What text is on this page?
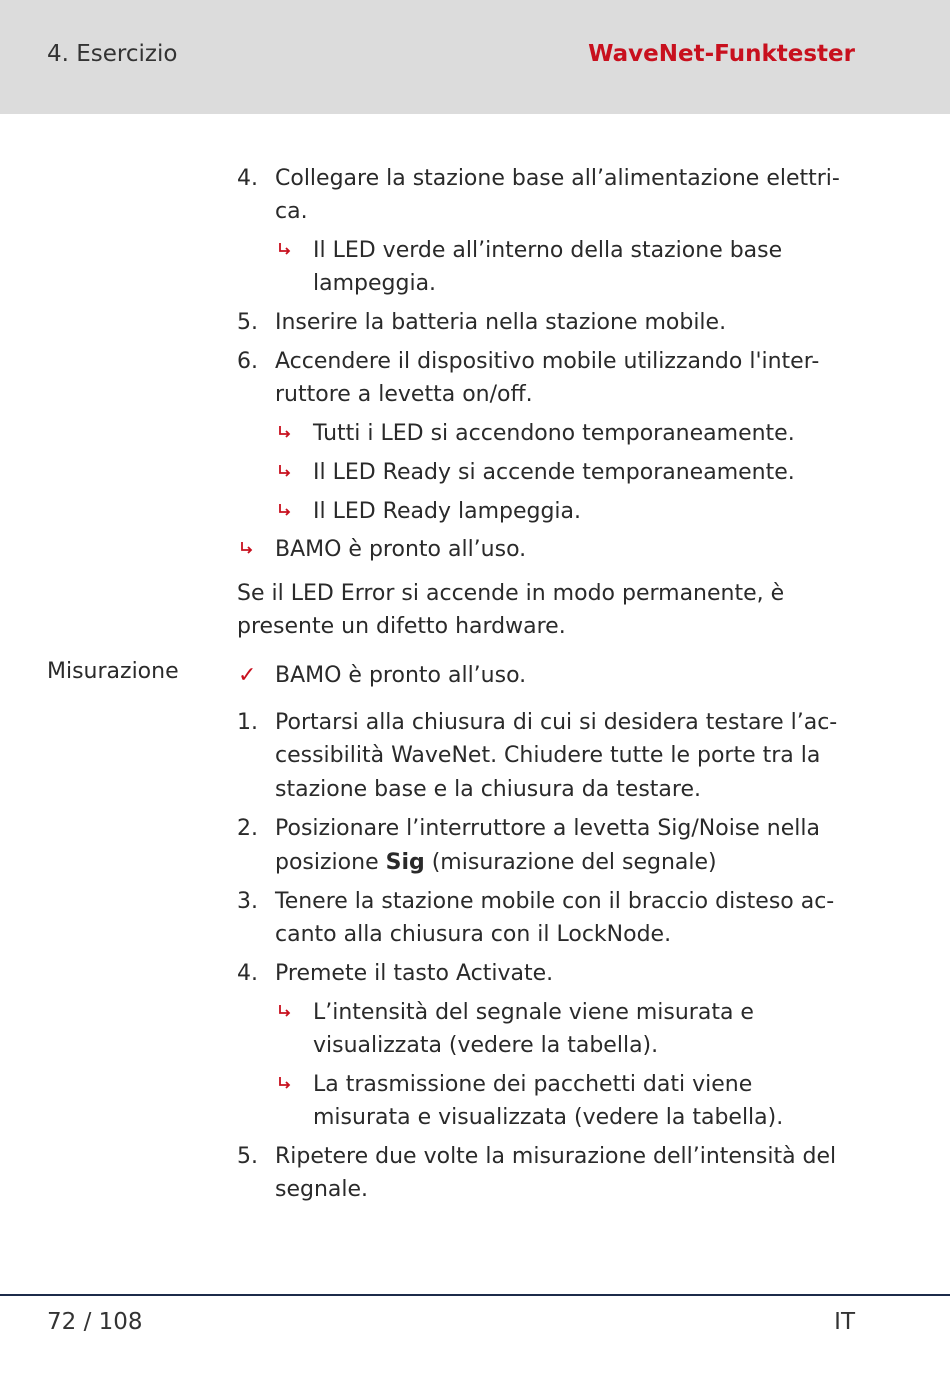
4. Esercizio	WaveNet-Funktester
4. Collegare la stazione base all’alimentazione elettri-
ca.
Il LED verde all’interno della stazione base
lampeggia.
5. Inserire la batteria nella stazione mobile.
6. Accendere il dispositivo mobile utilizzando l'inter-
ruttore a levetta on/off.
Tutti i LED si accendono temporaneamente.
Il LED Ready si accende temporaneamente.
Il LED Ready lampeggia.
BAMO è pronto all’uso.
Se il LED Error si accende in modo permanente, è
presente un difetto hardware.
Misurazione	✓ BAMO è pronto all’uso.
1. Portarsi alla chiusura di cui si desidera testare l’ac-
cessibilità WaveNet. Chiudere tutte le porte tra la
stazione base e la chiusura da testare.
2. Posizionare l’interruttore a levetta Sig/Noise nella
posizione Sig (misurazione del segnale)
3. Tenere la stazione mobile con il braccio disteso ac-
canto alla chiusura con il LockNode.
4. Premete il tasto Activate.
L’intensità del segnale viene misurata e
visualizzata (vedere la tabella).
La trasmissione dei pacchetti dati viene
misurata e visualizzata (vedere la tabella).
5. Ripetere due volte la misurazione dell’intensità del
segnale.
72 / 108	IT
